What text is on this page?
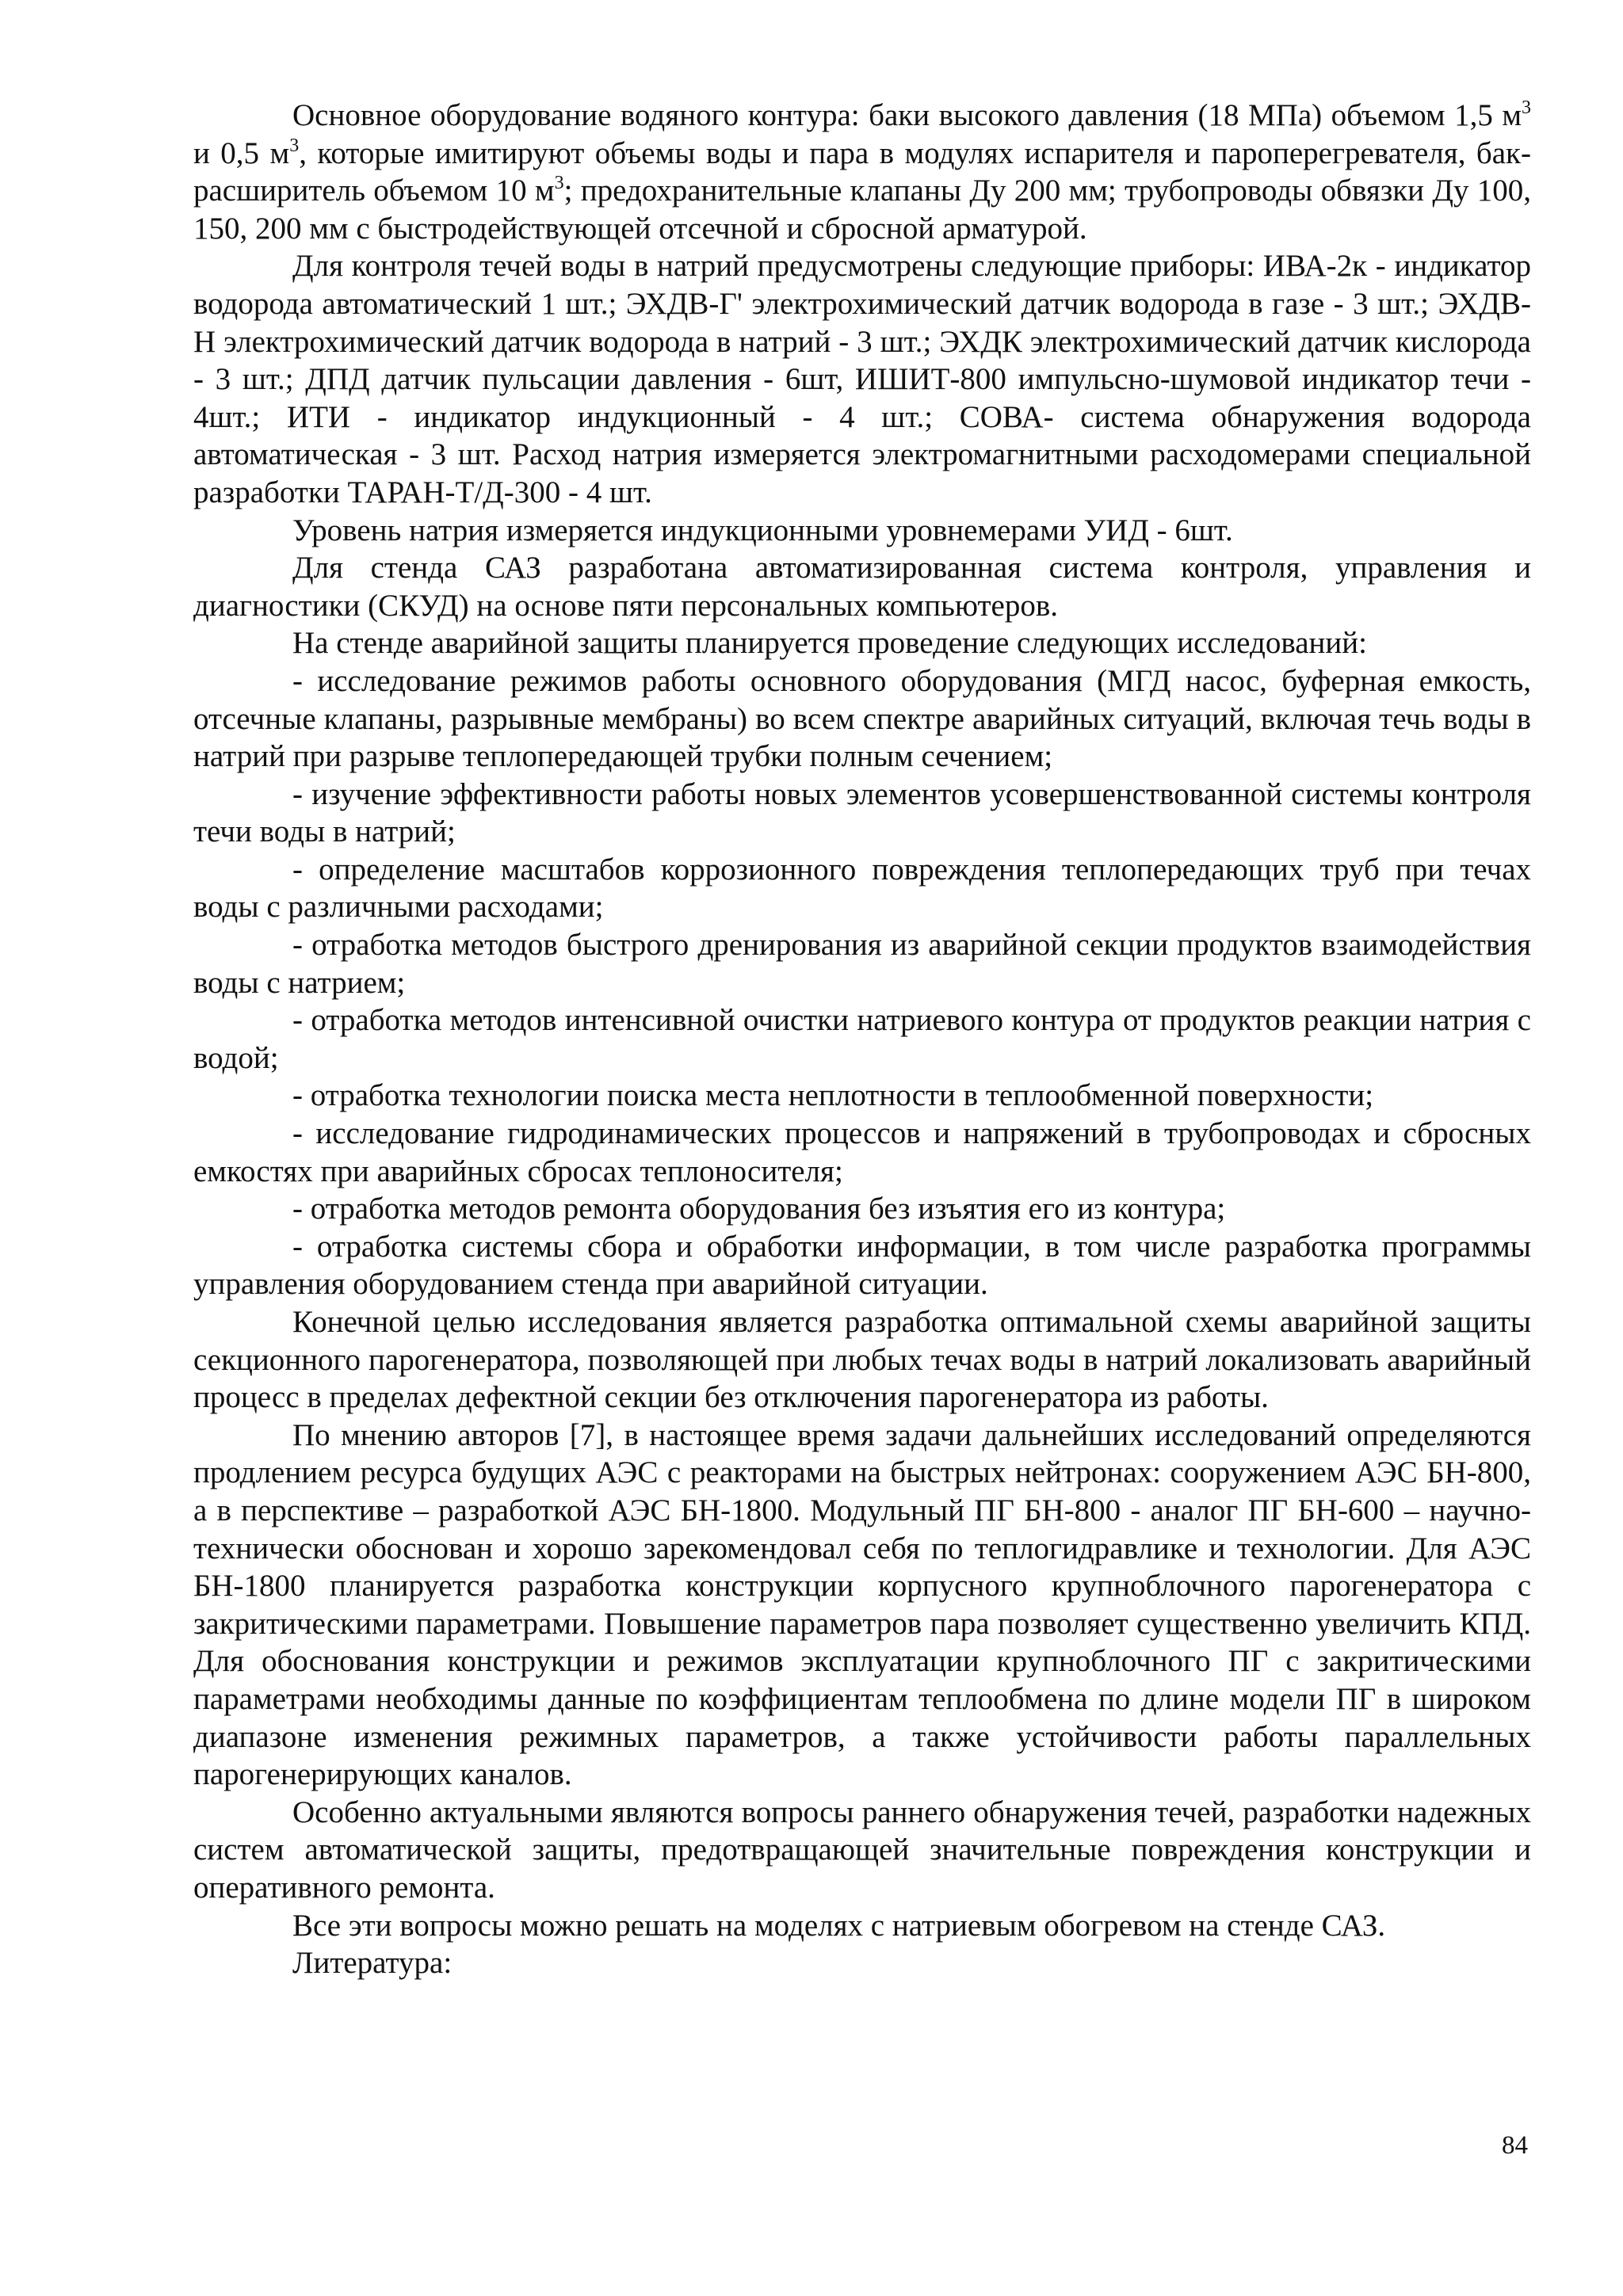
Основное оборудование водяного контура: баки высокого давления (18 МПа) объемом 1,5 $м^3$ и 0,5 $м^3$, которые имитируют объемы воды и пара в модулях испарителя и пароперегревателя, бак-расширитель объемом 10 $м^3$; предохранительные клапаны Ду 200 мм; трубопроводы обвязки Ду 100, 150, 200 мм с быстродействующей отсечной и сбросной арматурой.

Для контроля течей воды в натрий предусмотрены следующие приборы: ИВА-2к - индикатор водорода автоматический 1 шт.; ЭХДВ-Г' электрохимический датчик водорода в газе - 3 шт.; ЭХДВ-Н электрохимический датчик водорода в натрий - 3 шт.; ЭХДК электрохимический датчик кислорода - 3 шт.; ДПД датчик пульсации давления - 6шт, ИШИТ-800 импульсно-шумовой индикатор течи - 4шт.; ИТИ - индикатор индукционный - 4 шт.; СОВА- система обнаружения водорода автоматическая - 3 шт. Расход натрия измеряется электромагнитными расходомерами специальной разработки ТАРАН-Т/Д-300 - 4 шт.

Уровень натрия измеряется индукционными уровнемерами УИД - 6шт.

Для стенда САЗ разработана автоматизированная система контроля, управления и диагностики (СКУД) на основе пяти персональных компьютеров.

На стенде аварийной защиты планируется проведение следующих исследований:

- исследование режимов работы основного оборудования (МГД насос, буферная емкость, отсечные клапаны, разрывные мембраны) во всем спектре аварийных ситуаций, включая течь воды в натрий при разрыве теплопередающей трубки полным сечением;

- изучение эффективности работы новых элементов усовершенствованной системы контроля течи воды в натрий;

- определение масштабов коррозионного повреждения теплопередающих труб при течах воды с различными расходами;

- отработка методов быстрого дренирования из аварийной секции продуктов взаимодействия воды с натрием;

- отработка методов интенсивной очистки натриевого контура от продуктов реакции натрия с водой;

- отработка технологии поиска места неплотности в теплообменной поверхности;

- исследование гидродинамических процессов и напряжений в трубопроводах и сбросных емкостях при аварийных сбросах теплоносителя;

- отработка методов ремонта оборудования без изъятия его из контура;

- отработка системы сбора и обработки информации, в том числе разработка программы управления оборудованием стенда при аварийной ситуации.

Конечной целью исследования является разработка оптимальной схемы аварийной защиты секционного парогенератора, позволяющей при любых течах воды в натрий локализовать аварийный процесс в пределах дефектной секции без отключения парогенератора из работы.

По мнению авторов [7], в настоящее время задачи дальнейших исследований определяются продлением ресурса будущих АЭС с реакторами на быстрых нейтронах: сооружением АЭС БН-800, а в перспективе – разработкой АЭС БН-1800. Модульный ПГ БН-800 - аналог ПГ БН-600 – научно-технически обоснован и хорошо зарекомендовал себя по теплогидравлике и технологии. Для АЭС БН-1800 планируется разработка конструкции корпусного крупноблочного парогенератора с закритическими параметрами. Повышение параметров пара позволяет существенно увеличить КПД. Для обоснования конструкции и режимов эксплуатации крупноблочного ПГ с закритическими параметрами необходимы данные по коэффициентам теплообмена по длине модели ПГ в широком диапазоне изменения режимных параметров, а также устойчивости работы параллельных парогенерирующих каналов.

Особенно актуальными являются вопросы раннего обнаружения течей, разработки надежных систем автоматической защиты, предотвращающей значительные повреждения конструкции и оперативного ремонта.

Все эти вопросы можно решать на моделях с натриевым обогревом на стенде САЗ.

Литература:

84
